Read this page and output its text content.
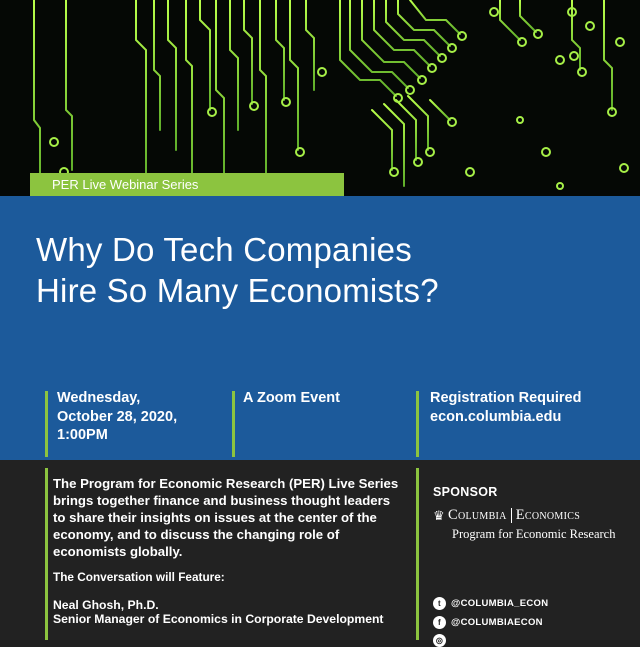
PER Live Webinar Series
Why Do Tech Companies
Hire So Many Economists?
Wednesday,
October 28, 2020,
1:00PM
A Zoom Event	Registration Required
econ.columbia.edu

The Program for Economic Research (PER) Live Series brings together finance and business thought leaders to share their insights on issues at the center of the economy, and to discuss the changing role of economists globally.

The Conversation will Feature:
Neal Ghosh, Ph.D.
Senior Manager of Economics in Corporate Development
SPONSOR
♛ Columbia Economics
Program for Economic Research
t	@COLUMBIA_ECON
f	@COLUMBIAECON
◎
